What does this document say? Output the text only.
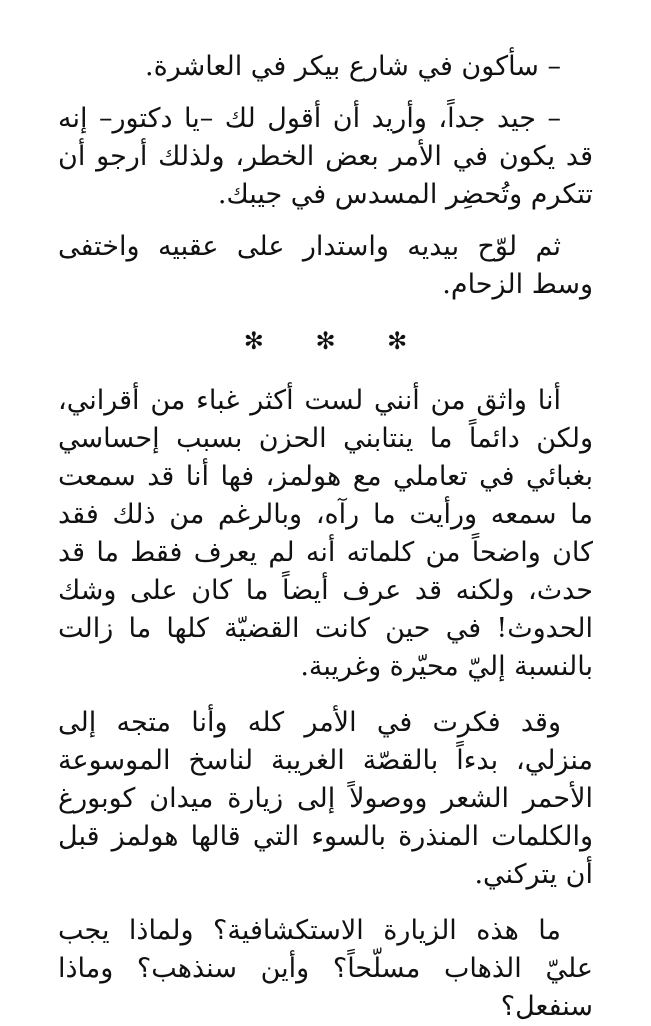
– سأكون في شارع بيكر في العاشرة.

– جيد جداً، وأريد أن أقول لك –يا دكتور– إنه قد يكون في الأمر بعض الخطر، ولذلك أرجو أن تتكرم وتُحضِر المسدس في جيبك.

ثم لوّح بيديه واستدار على عقبيه واختفى وسط الزحام.

✻ ✻ ✻

أنا واثق من أنني لست أكثر غباء من أقراني، ولكن دائماً ما ينتابني الحزن بسبب إحساسي بغبائي في تعاملي مع هولمز، فها أنا قد سمعت ما سمعه ورأيت ما رآه، وبالرغم من ذلك فقد كان واضحاً من كلماته أنه لم يعرف فقط ما قد حدث، ولكنه قد عرف أيضاً ما كان على وشك الحدوث! في حين كانت القضيّة كلها ما زالت بالنسبة إليّ محيّرة وغريبة.

وقد فكرت في الأمر كله وأنا متجه إلى منزلي، بدءاً بالقصّة الغريبة لناسخ الموسوعة الأحمر الشعر ووصولاً إلى زيارة ميدان كوبورغ والكلمات المنذرة بالسوء التي قالها هولمز قبل أن يتركني.

ما هذه الزيارة الاستكشافية؟ ولماذا يجب عليّ الذهاب مسلّحاً؟ وأين سنذهب؟ وماذا سنفعل؟
